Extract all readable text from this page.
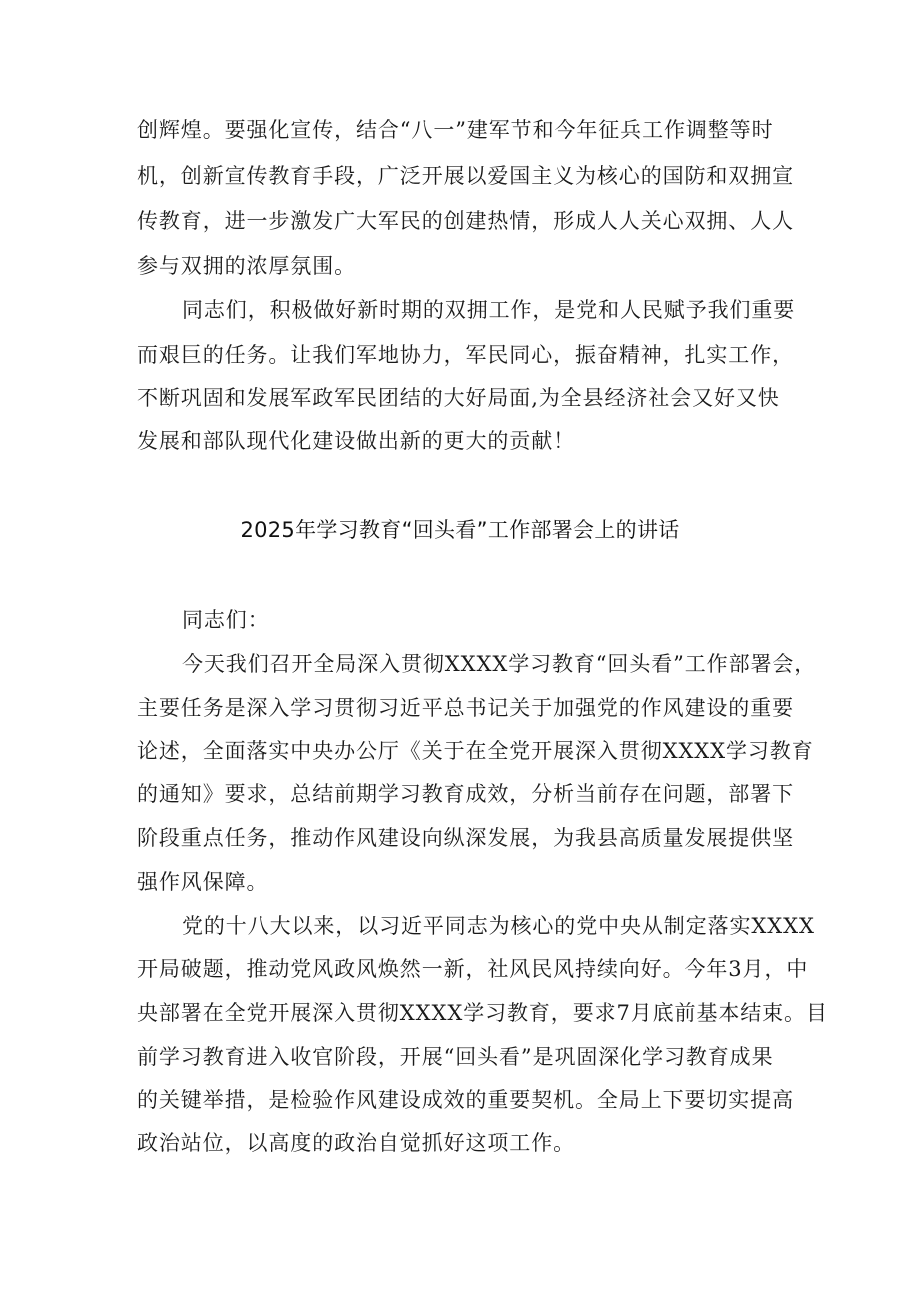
创辉煌。要强化宣传，结合“八一”建军节和今年征兵工作调整等时
机，创新宣传教育手段，广泛开展以爱国主义为核心的国防和双拥宣
传教育，进一步激发广大军民的创建热情，形成人人关心双拥、人人
参与双拥的浓厚氛围。
同志们，积极做好新时期的双拥工作，是党和人民赋予我们重要
而艰巨的任务。让我们军地协力，军民同心，振奋精神，扎实工作，
不断巩固和发展军政军民团结的大好局面,为全县经济社会又好又快
发展和部队现代化建设做出新的更大的贡献！
2025年学习教育“回头看”工作部署会上的讲话
同志们：
今天我们召开全局深入贯彻XXXX学习教育“回头看”工作部署会，
主要任务是深入学习贯彻习近平总书记关于加强党的作风建设的重要
论述，全面落实中央办公厅《关于在全党开展深入贯彻XXXX学习教育
的通知》要求，总结前期学习教育成效，分析当前存在问题，部署下
阶段重点任务，推动作风建设向纵深发展，为我县高质量发展提供坚
强作风保障。
党的十八大以来，以习近平同志为核心的党中央从制定落实XXXX
开局破题，推动党风政风焕然一新，社风民风持续向好。今年3月，中
央部署在全党开展深入贯彻XXXX学习教育，要求7月底前基本结束。目
前学习教育进入收官阶段，开展“回头看”是巩固深化学习教育成果
的关键举措，是检验作风建设成效的重要契机。全局上下要切实提高
政治站位，以高度的政治自觉抓好这项工作。
